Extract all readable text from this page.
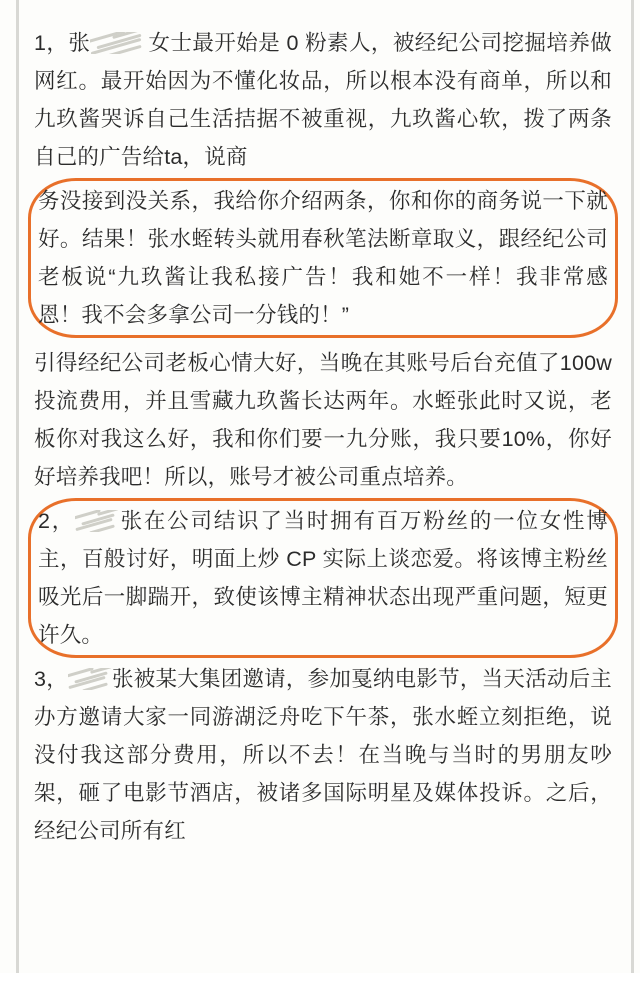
1，张	女士最开始是 0 粉素人，被经纪公司挖掘培养做网红。最开始因为不懂化妆品，所以根本没有商单，所以和九玖酱哭诉自己生活拮据不被重视，九玖酱心软，拨了两条自己的广告给ta，说商

务没接到没关系，我给你介绍两条，你和你的商务说一下就好。结果！张水蛭转头就用春秋笔法断章取义，跟经纪公司老板说“九玖酱让我私接广告！我和她不一样！我非常感恩！我不会多拿公司一分钱的！”

引得经纪公司老板心情大好，当晚在其账号后台充值了100w投流费用，并且雪藏九玖酱长达两年。水蛭张此时又说，老板你对我这么好，我和你们要一九分账，我只要10%，你好好培养我吧！所以，账号才被公司重点培养。

2， 张在公司结识了当时拥有百万粉丝的一位女性博主，百般讨好，明面上炒 CP 实际上谈恋爱。将该博主粉丝吸光后一脚踹开，致使该博主精神状态出现严重问题，短更许久。

3， 张被某大集团邀请，参加戛纳电影节，当天活动后主办方邀请大家一同游湖泛舟吃下午茶，张水蛭立刻拒绝，说没付我这部分费用，所以不去！在当晚与当时的男朋友吵架，砸了电影节酒店，被诸多国际明星及媒体投诉。之后，经纪公司所有红
